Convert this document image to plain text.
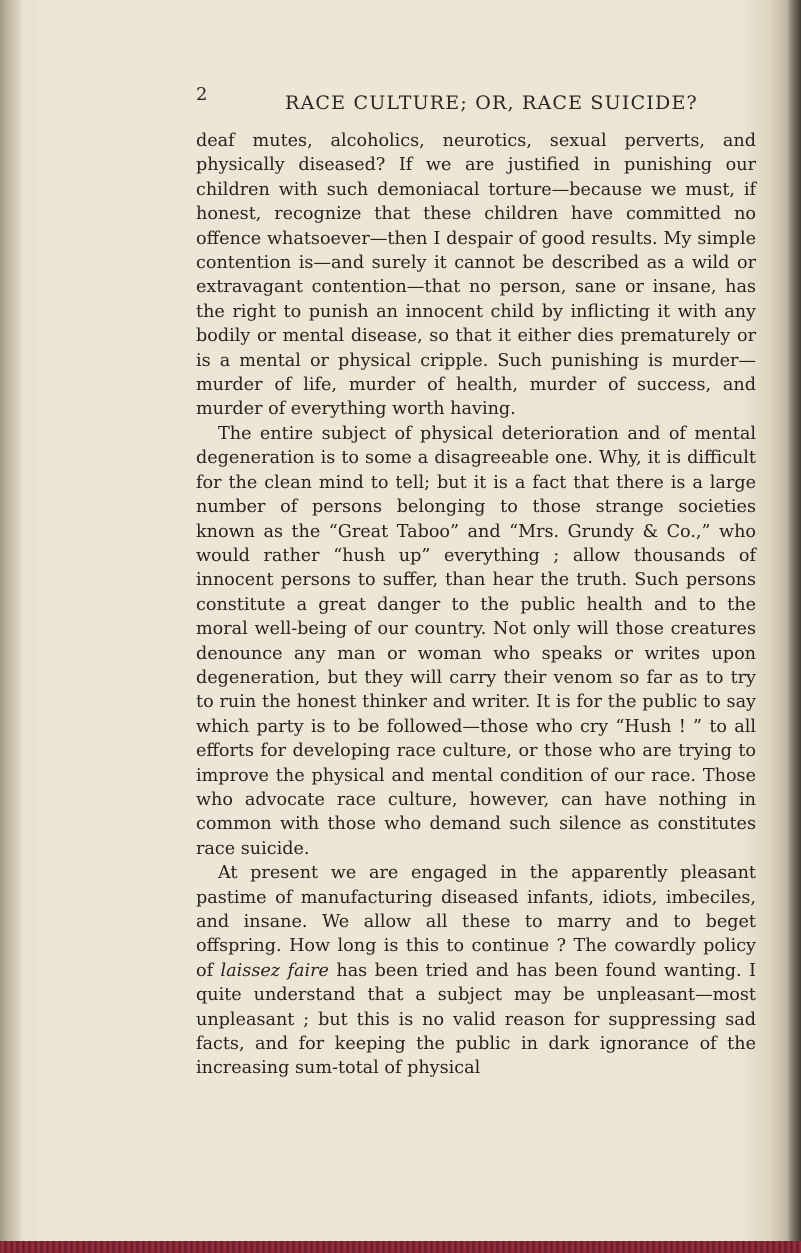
2	RACE CULTURE; OR, RACE SUICIDE?

deaf mutes, alcoholics, neurotics, sexual perverts, and physically diseased? If we are justified in punishing our children with such demoniacal torture—because we must, if honest, recognize that these children have committed no offence whatsoever—then I despair of good results. My simple contention is—and surely it cannot be described as a wild or extravagant contention—that no person, sane or insane, has the right to punish an innocent child by inflicting it with any bodily or mental disease, so that it either dies prematurely or is a mental or physical cripple. Such punishing is murder—murder of life, murder of health, murder of success, and murder of everything worth having.

The entire subject of physical deterioration and of mental degeneration is to some a disagreeable one. Why, it is difficult for the clean mind to tell; but it is a fact that there is a large number of persons belonging to those strange societies known as the “Great Taboo” and “Mrs. Grundy & Co.,” who would rather “hush up” everything ; allow thousands of innocent persons to suffer, than hear the truth. Such persons constitute a great danger to the public health and to the moral well-being of our country. Not only will those creatures denounce any man or woman who speaks or writes upon degeneration, but they will carry their venom so far as to try to ruin the honest thinker and writer. It is for the public to say which party is to be followed—those who cry “Hush ! ” to all efforts for developing race culture, or those who are trying to improve the physical and mental condition of our race. Those who advocate race culture, however, can have nothing in common with those who demand such silence as constitutes race suicide.

At present we are engaged in the apparently pleasant pastime of manufacturing diseased infants, idiots, imbeciles, and insane. We allow all these to marry and to beget offspring. How long is this to continue ? The cowardly policy of laissez faire has been tried and has been found wanting. I quite understand that a subject may be unpleasant—most unpleasant ; but this is no valid reason for suppressing sad facts, and for keeping the public in dark ignorance of the increasing sum-total of physical
